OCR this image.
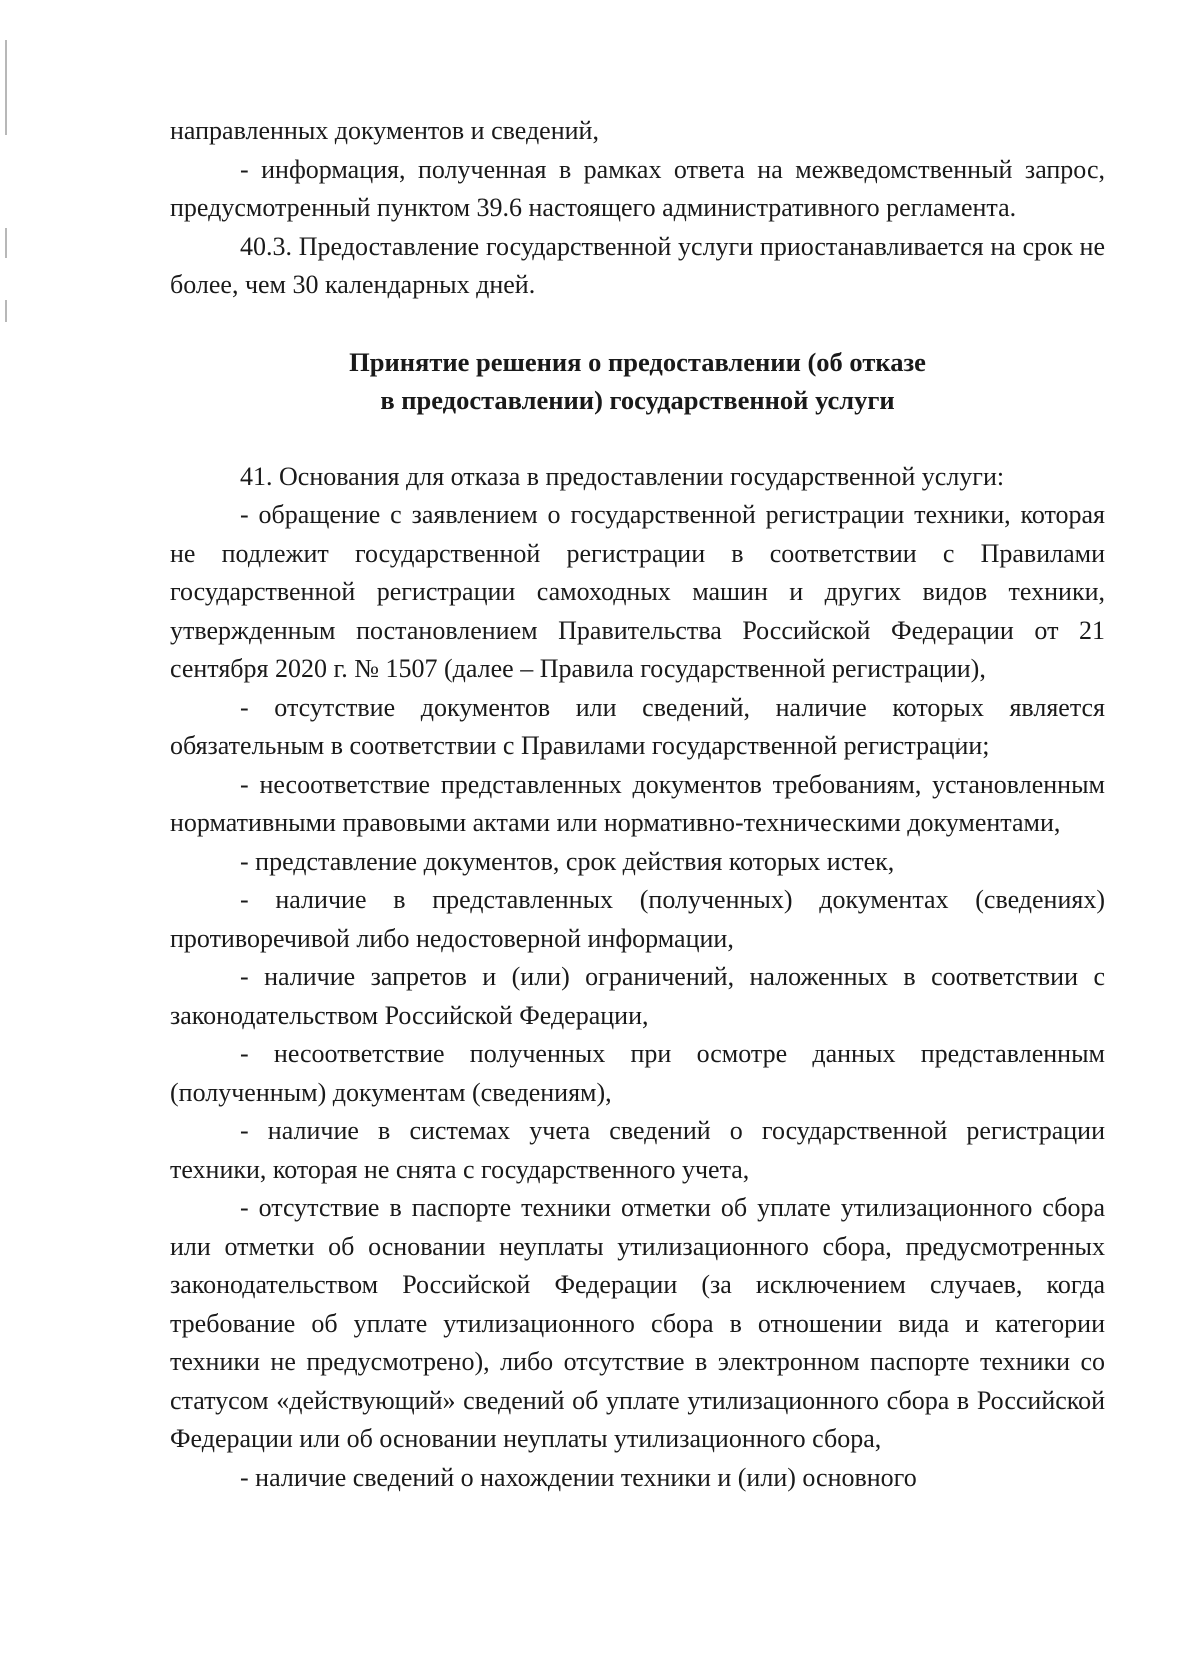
направленных документов и сведений,

- информация, полученная в рамках ответа на межведомственный запрос, предусмотренный пунктом 39.6 настоящего административного регламента.

40.3. Предоставление государственной услуги приостанавливается на срок не более, чем 30 календарных дней.

Принятие решения о предоставлении (об отказе
в предоставлении) государственной услуги

41. Основания для отказа в предоставлении государственной услуги:

- обращение с заявлением о государственной регистрации техники, которая не подлежит государственной регистрации в соответствии с Правилами государственной регистрации самоходных машин и других видов техники, утвержденным постановлением Правительства Российской Федерации от 21 сентября 2020 г. № 1507 (далее – Правила государственной регистрации),

- отсутствие документов или сведений, наличие которых является обязательным в соответствии с Правилами государственной регистрации;

- несоответствие представленных документов требованиям, установленным нормативными правовыми актами или нормативно-техническими документами,

- представление документов, срок действия которых истек,

- наличие в представленных (полученных) документах (сведениях) противоречивой либо недостоверной информации,

- наличие запретов и (или) ограничений, наложенных в соответствии с законодательством Российской Федерации,

- несоответствие полученных при осмотре данных представленным (полученным) документам (сведениям),

- наличие в системах учета сведений о государственной регистрации техники, которая не снята с государственного учета,

- отсутствие в паспорте техники отметки об уплате утилизационного сбора или отметки об основании неуплаты утилизационного сбора, предусмотренных законодательством Российской Федерации (за исключением случаев, когда требование об уплате утилизационного сбора в отношении вида и категории техники не предусмотрено), либо отсутствие в электронном паспорте техники со статусом «действующий» сведений об уплате утилизационного сбора в Российской Федерации или об основании неуплаты утилизационного сбора,

- наличие сведений о нахождении техники и (или) основного
